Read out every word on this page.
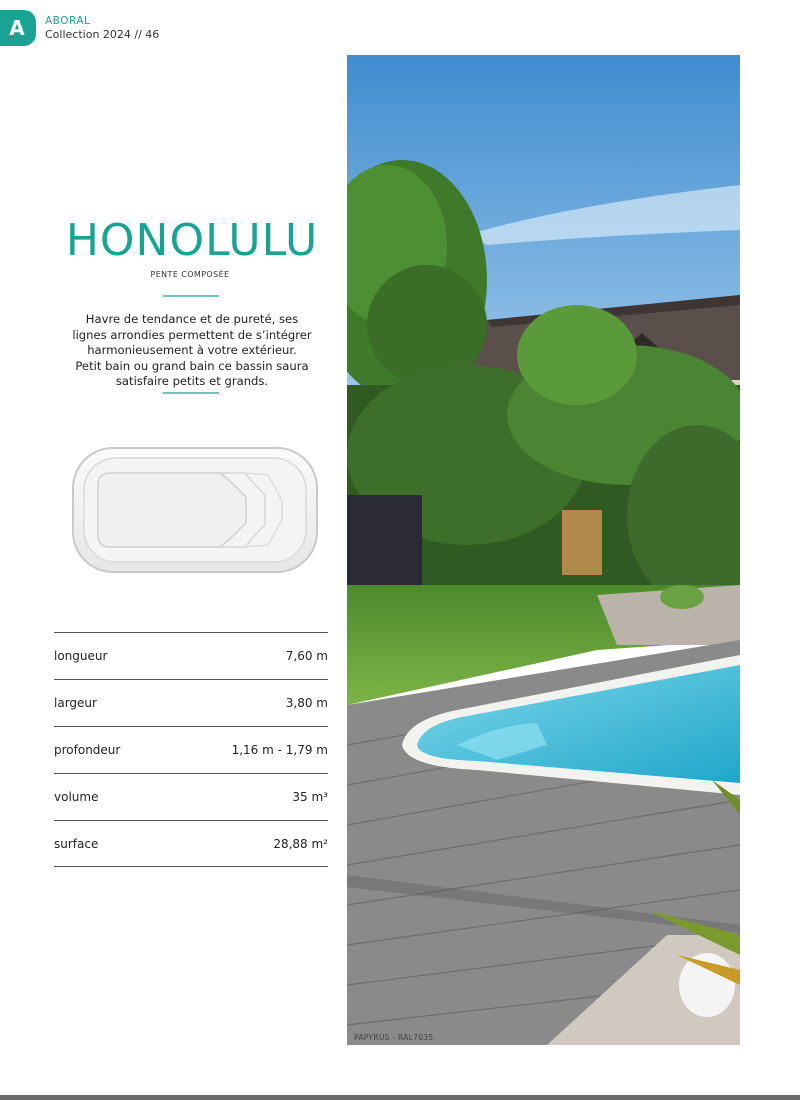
A ABORAL
Collection 2024 // 46
HONOLULU
PENTE COMPOSÉE
Havre de tendance et de pureté, ses
lignes arrondies permettent de s’intégrer
harmonieusement à votre extérieur.
Petit bain ou grand bain ce bassin saura
satisfaire petits et grands.
longueur	7,60 m
largeur	3,80 m
profondeur	1,16 m - 1,79 m
volume	35 m³
surface	28,88 m²
PAPYRUS - RAL7035
